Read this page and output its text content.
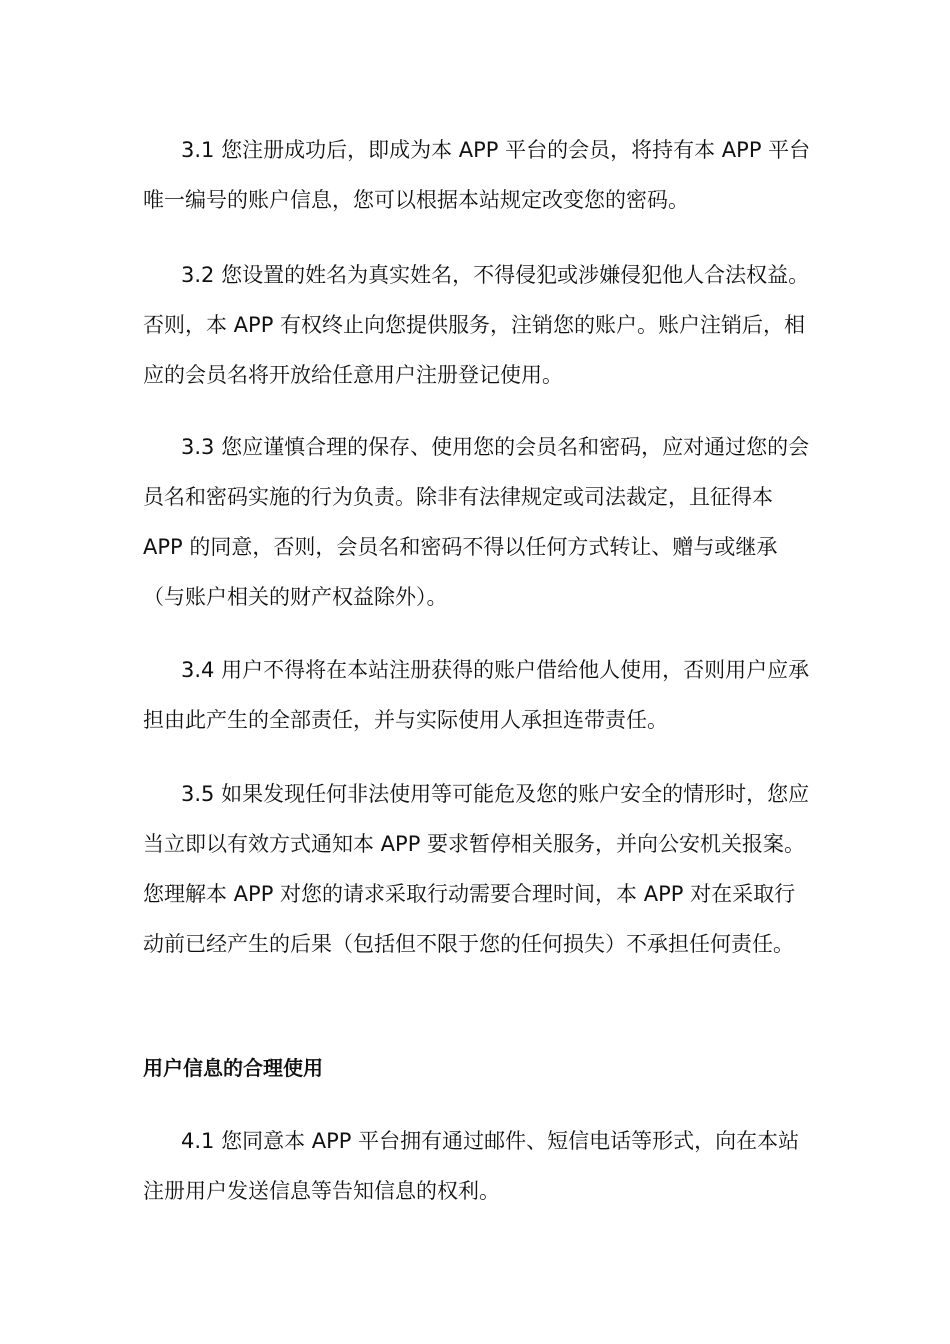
3.1 您注册成功后，即成为本 APP 平台的会员，将持有本 APP 平台唯一编号的账户信息，您可以根据本站规定改变您的密码。

3.2 您设置的姓名为真实姓名，不得侵犯或涉嫌侵犯他人合法权益。否则，本 APP 有权终止向您提供服务，注销您的账户。账户注销后，相应的会员名将开放给任意用户注册登记使用。

3.3 您应谨慎合理的保存、使用您的会员名和密码，应对通过您的会员名和密码实施的行为负责。除非有法律规定或司法裁定，且征得本 APP 的同意，否则，会员名和密码不得以任何方式转让、赠与或继承（与账户相关的财产权益除外）。

3.4 用户不得将在本站注册获得的账户借给他人使用，否则用户应承担由此产生的全部责任，并与实际使用人承担连带责任。

3.5 如果发现任何非法使用等可能危及您的账户安全的情形时，您应当立即以有效方式通知本 APP 要求暂停相关服务，并向公安机关报案。您理解本 APP 对您的请求采取行动需要合理时间，本 APP 对在采取行动前已经产生的后果（包括但不限于您的任何损失）不承担任何责任。

用户信息的合理使用

4.1 您同意本 APP 平台拥有通过邮件、短信电话等形式，向在本站注册用户发送信息等告知信息的权利。
